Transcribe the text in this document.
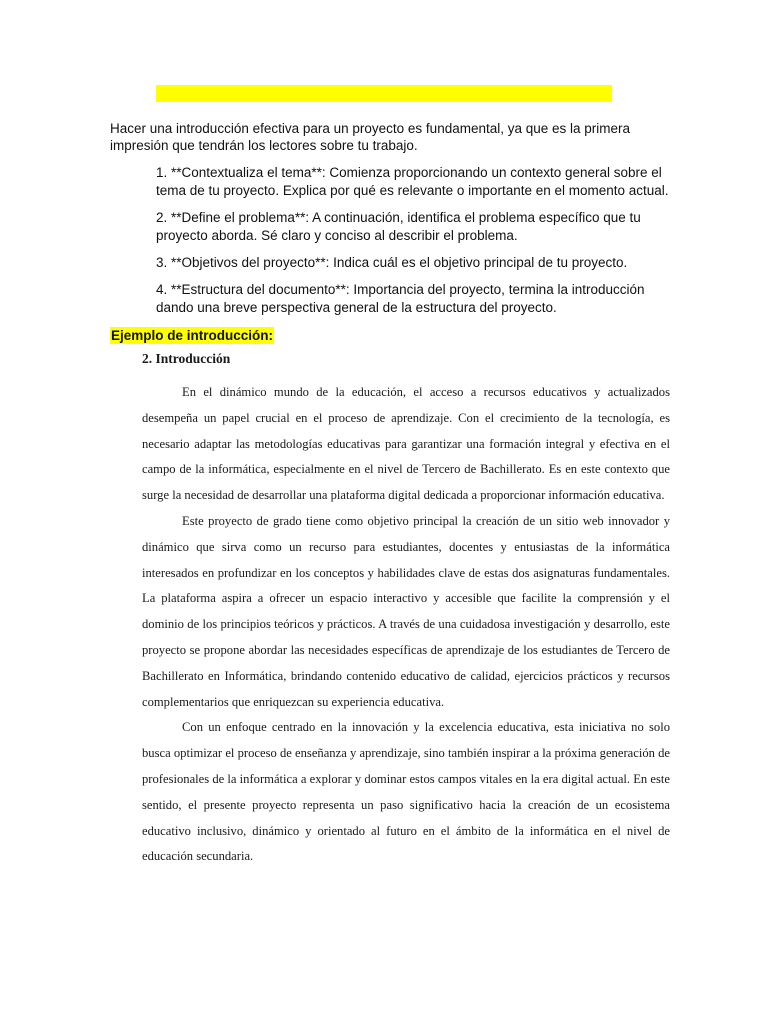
Hacer una introducción efectiva para un proyecto es fundamental, ya que es la primera impresión que tendrán los lectores sobre tu trabajo.

1. **Contextualiza el tema**: Comienza proporcionando un contexto general sobre el tema de tu proyecto. Explica por qué es relevante o importante en el momento actual.
2. **Define el problema**: A continuación, identifica el problema específico que tu proyecto aborda. Sé claro y conciso al describir el problema.
3. **Objetivos del proyecto**: Indica cuál es el objetivo principal de tu proyecto.
4. **Estructura del documento**: Importancia del proyecto, termina la introducción dando una breve perspectiva general de la estructura del proyecto.
Ejemplo de introducción:
2. Introducción

En el dinámico mundo de la educación, el acceso a recursos educativos y actualizados desempeña un papel crucial en el proceso de aprendizaje. Con el crecimiento de la tecnología, es necesario adaptar las metodologías educativas para garantizar una formación integral y efectiva en el campo de la informática, especialmente en el nivel de Tercero de Bachillerato. Es en este contexto que surge la necesidad de desarrollar una plataforma digital dedicada a proporcionar información educativa.

Este proyecto de grado tiene como objetivo principal la creación de un sitio web innovador y dinámico que sirva como un recurso para estudiantes, docentes y entusiastas de la informática interesados en profundizar en los conceptos y habilidades clave de estas dos asignaturas fundamentales. La plataforma aspira a ofrecer un espacio interactivo y accesible que facilite la comprensión y el dominio de los principios teóricos y prácticos. A través de una cuidadosa investigación y desarrollo, este proyecto se propone abordar las necesidades específicas de aprendizaje de los estudiantes de Tercero de Bachillerato en Informática, brindando contenido educativo de calidad, ejercicios prácticos y recursos complementarios que enriquezcan su experiencia educativa.

Con un enfoque centrado en la innovación y la excelencia educativa, esta iniciativa no solo busca optimizar el proceso de enseñanza y aprendizaje, sino también inspirar a la próxima generación de profesionales de la informática a explorar y dominar estos campos vitales en la era digital actual. En este sentido, el presente proyecto representa un paso significativo hacia la creación de un ecosistema educativo inclusivo, dinámico y orientado al futuro en el ámbito de la informática en el nivel de educación secundaria.
